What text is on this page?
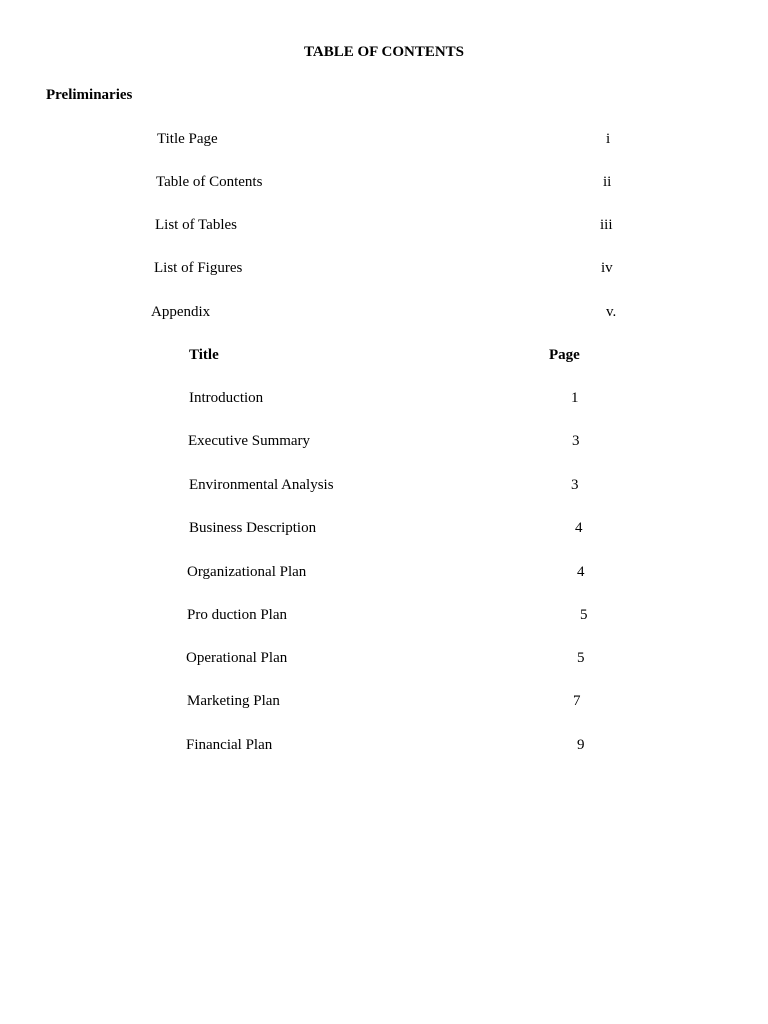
TABLE OF CONTENTS
Preliminaries
Title Page	i
Table of Contents	ii
List of Tables	iii
List of Figures	iv
Appendix	v.
Title	Page
Introduction	1
Executive Summary	3
Environmental Analysis	3
Business Description	4
Organizational Plan	4
Pro duction Plan	5
Operational Plan	5
Marketing Plan	7
Financial Plan	9
